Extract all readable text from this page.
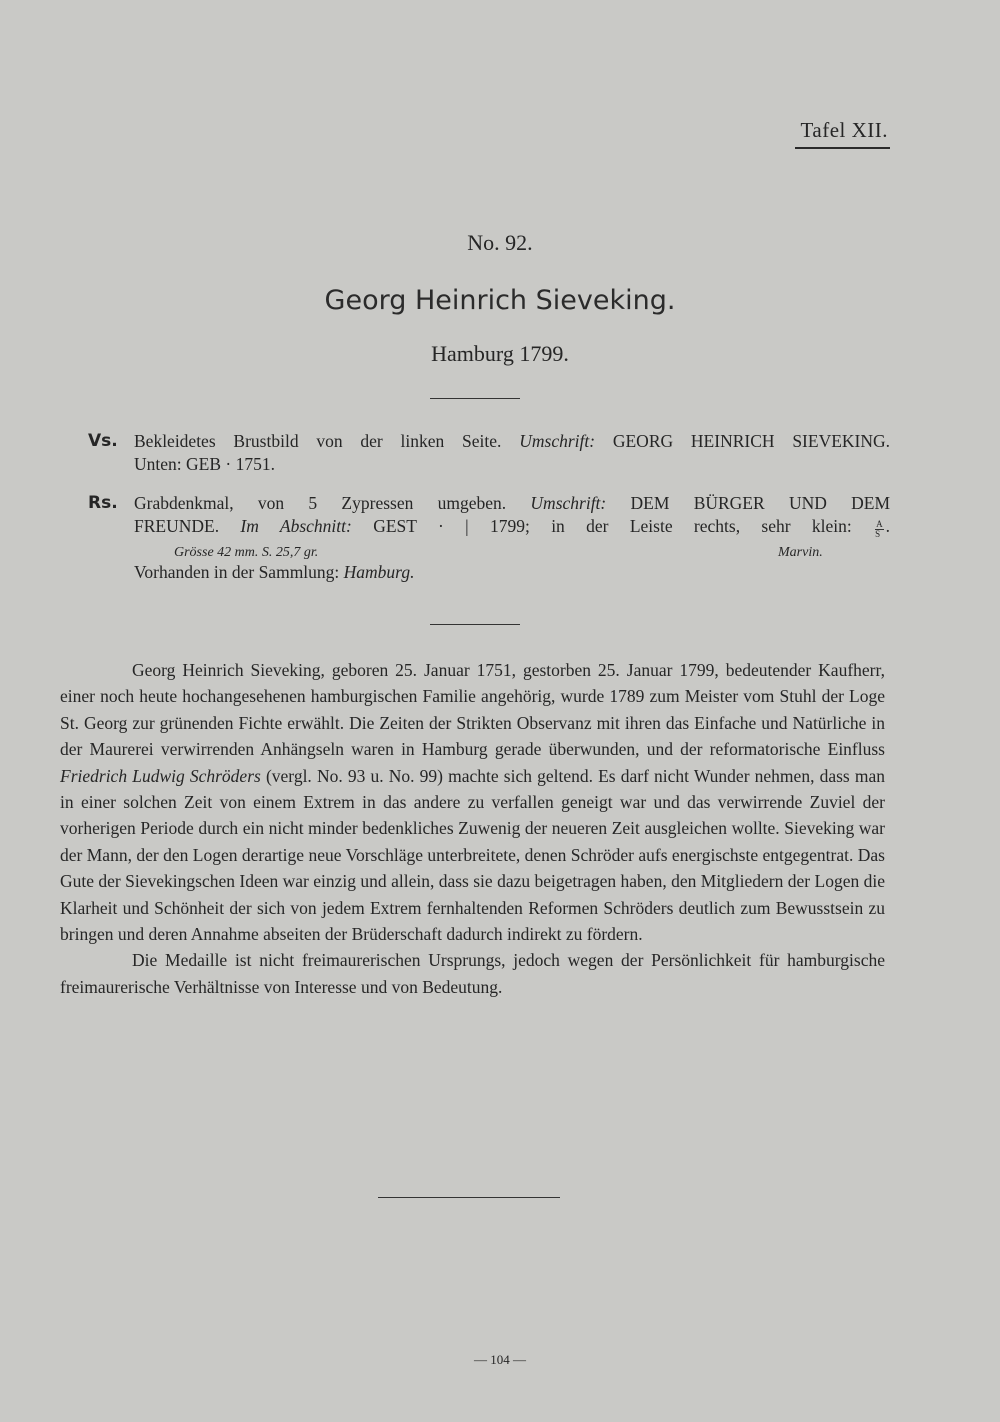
Tafel XII.
No. 92.
Georg Heinrich Sieveking.
Hamburg 1799.
Vs. Bekleidetes Brustbild von der linken Seite. Umschrift: GEORG HEINRICH SIEVEKING.
Unten: GEB · 1751.
Rs. Grabdenkmal, von 5 Zypressen umgeben. Umschrift: DEM BÜRGER UND DEM
FREUNDE. Im Abschnitt: GEST · | 1799; in der Leiste rechts, sehr klein:	$\frac{A}{S}$ .
Grösse 42 mm. S. 25,7 gr.	Marvin.
Vorhanden in der Sammlung: Hamburg.

Georg Heinrich Sieveking, geboren 25. Januar 1751, gestorben 25. Januar 1799, bedeutender Kaufherr, einer noch heute hochangesehenen hamburgischen Familie angehörig, wurde 1789 zum Meister vom Stuhl der Loge St. Georg zur grünenden Fichte erwählt. Die Zeiten der Strikten Observanz mit ihren das Einfache und Natürliche in der Maurerei verwirrenden Anhängseln waren in Hamburg gerade überwunden, und der reformatorische Einfluss Friedrich Ludwig Schröders (vergl. No. 93 u. No. 99) machte sich geltend. Es darf nicht Wunder nehmen, dass man in einer solchen Zeit von einem Extrem in das andere zu verfallen geneigt war und das verwirrende Zuviel der vorherigen Periode durch ein nicht minder bedenkliches Zuwenig der neueren Zeit ausgleichen wollte. Sieveking war der Mann, der den Logen derartige neue Vorschläge unterbreitete, denen Schröder aufs energischste entgegentrat. Das Gute der Sievekingschen Ideen war einzig und allein, dass sie dazu beigetragen haben, den Mitgliedern der Logen die Klarheit und Schönheit der sich von jedem Extrem fernhaltenden Reformen Schröders deutlich zum Bewusstsein zu bringen und deren Annahme abseiten der Brüderschaft dadurch indirekt zu fördern.

Die Medaille ist nicht freimaurerischen Ursprungs, jedoch wegen der Persönlichkeit für hamburgische freimaurerische Verhältnisse von Interesse und von Bedeutung.

— 104 —
